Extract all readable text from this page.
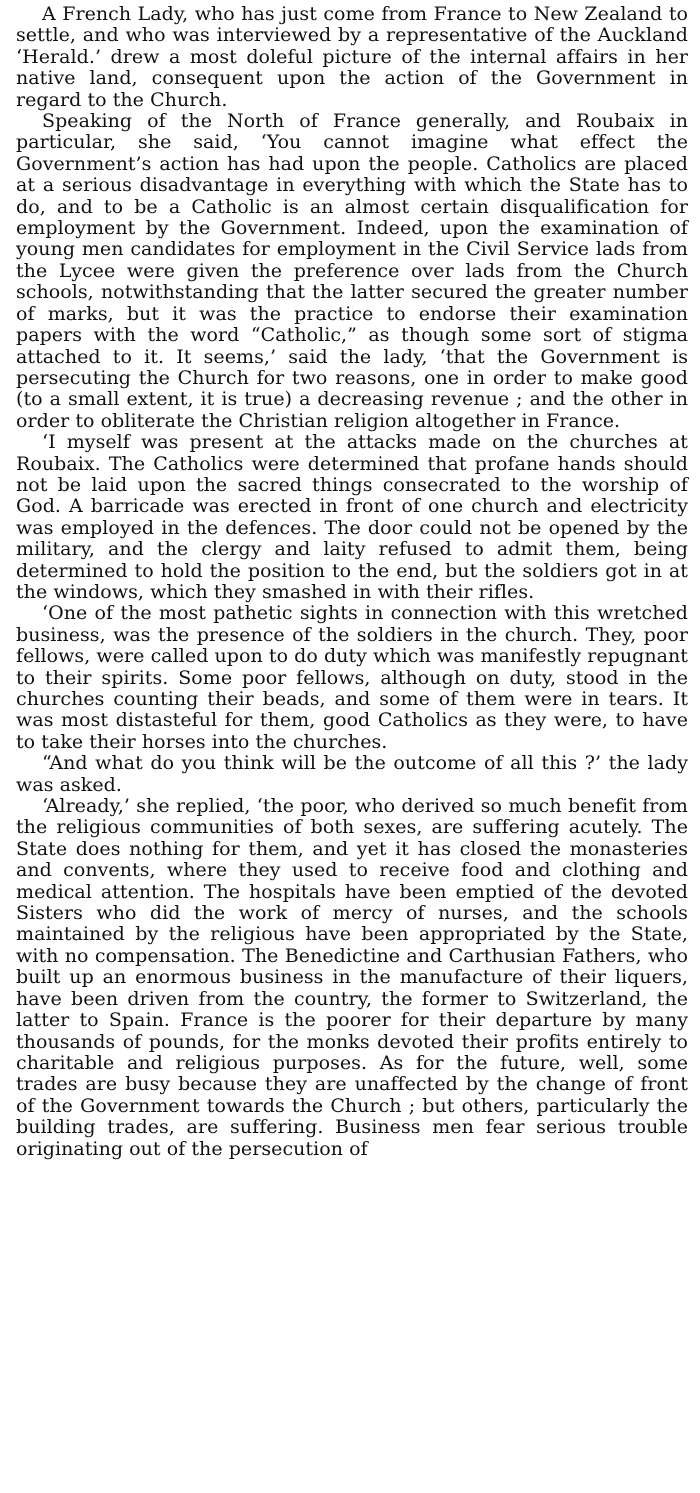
A French Lady, who has just come from France to New Zealand to settle, and who was interviewed by a representative of the Auckland ‘Herald.’ drew a most doleful picture of the internal affairs in her native land, consequent upon the action of the Government in regard to the Church.

Speaking of the North of France generally, and Roubaix in particular, she said, ‘You cannot imagine what effect the Government’s action has had upon the people. Catholics are placed at a serious disadvantage in everything with which the State has to do, and to be a Catholic is an almost certain disqualification for employment by the Government. Indeed, upon the examination of young men candidates for employment in the Civil Service lads from the Lycee were given the preference over lads from the Church schools, notwithstanding that the latter secured the greater number of marks, but it was the practice to endorse their examination papers with the word “Catholic,” as though some sort of stigma attached to it. It seems,’ said the lady, ‘that the Government is persecuting the Church for two reasons, one in order to make good (to a small extent, it is true) a decreasing revenue ; and the other in order to obliterate the Christian religion altogether in France.

‘I myself was present at the attacks made on the churches at Roubaix. The Catholics were determined that profane hands should not be laid upon the sacred things consecrated to the worship of God. A barricade was erected in front of one church and electricity was employed in the defences. The door could not be opened by the military, and the clergy and laity refused to admit them, being determined to hold the position to the end, but the soldiers got in at the windows, which they smashed in with their rifles.

‘One of the most pathetic sights in connection with this wretched business, was the presence of the soldiers in the church. They, poor fellows, were called upon to do duty which was manifestly repugnant to their spirits. Some poor fellows, although on duty, stood in the churches counting their beads, and some of them were in tears. It was most distasteful for them, good Catholics as they were, to have to take their horses into the churches.

“And what do you think will be the outcome of all this ?’ the lady was asked.

‘Already,’ she replied, ‘the poor, who derived so much benefit from the religious communities of both sexes, are suffering acutely. The State does nothing for them, and yet it has closed the monasteries and convents, where they used to receive food and clothing and medical attention. The hospitals have been emptied of the devoted Sisters who did the work of mercy of nurses, and the schools maintained by the religious have been appropriated by the State, with no compensation. The Benedictine and Carthusian Fathers, who built up an enormous business in the manufacture of their liquers, have been driven from the country, the former to Switzerland, the latter to Spain. France is the poorer for their departure by many thousands of pounds, for the monks devoted their profits entirely to charitable and religious purposes. As for the future, well, some trades are busy because they are unaffected by the change of front of the Government towards the Church ; but others, particularly the building trades, are suffering. Business men fear serious trouble originating out of the persecution of
